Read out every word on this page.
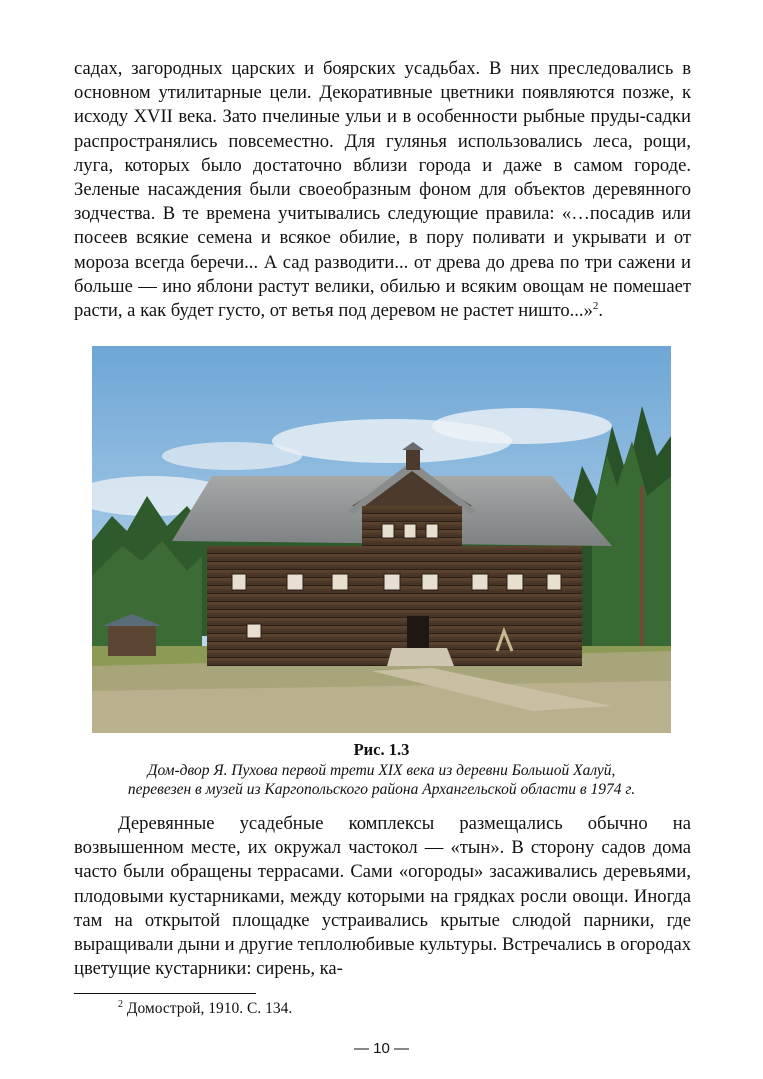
садах, загородных царских и боярских усадьбах. В них преследовались в основном утилитарные цели. Декоративные цветники появляются позже, к исходу XVII века. Зато пчелиные ульи и в особенности рыбные пруды-садки распространялись повсеместно. Для гулянья использовались леса, рощи, луга, которых было достаточно вблизи города и даже в самом городе. Зеленые насаждения были своеобразным фоном для объектов деревянного зодчества. В те времена учитывались следующие правила: «…посадив или посеев всякие семена и всякое обилие, в пору поливати и укрывати и от мороза всегда беречи... А сад разводити... от древа до древа по три сажени и больше — ино яблони растут велики, обилью и всяким овощам не помешает расти, а как будет густо, от ветья под деревом не растет ништо...»$^2$.

Рис. 1.3

Дом-двор Я. Пухова первой трети XIX века из деревни Большой Халуй,
перевезен в музей из Каргопольского района Архангельской области в 1974 г.

Деревянные усадебные комплексы размещались обычно на возвышенном месте, их окружал частокол — «тын». В сторону садов дома часто были обращены террасами. Сами «огороды» засаживались деревьями, плодовыми кустарниками, между которыми на грядках росли овощи. Иногда там на открытой площадке устраивались крытые слюдой парники, где выращивали дыни и другие теплолюбивые культуры. Встречались в огородах цветущие кустарники: сирень, ка-

$^2$ Домострой, 1910. С. 134.

— 10 —
